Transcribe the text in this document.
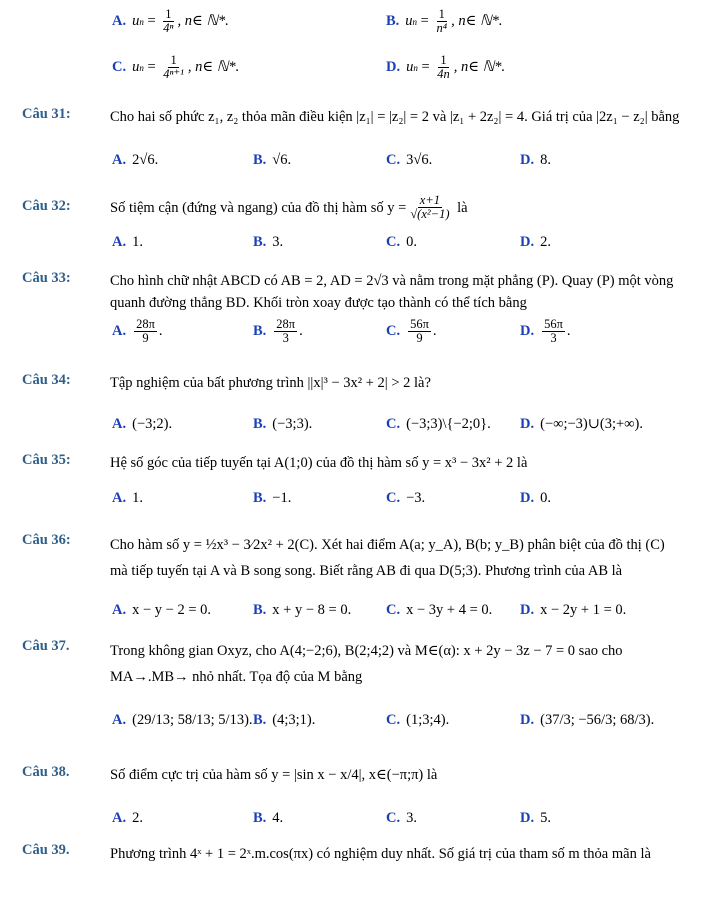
A. u $n = \frac{1}{\text{4ⁿ}}$ , n∈ ℕ*.	B. u $n = \frac{1}{\text{n⁴}}$ , n∈ ℕ*.
C. u $n = \frac{1}{\text{4ⁿ⁺¹}}$ , n∈ ℕ*.	D. u $n = \frac{1}{4n}$ , n∈ ℕ*.
Câu 31:	Cho hai số phức z₁, z₂ thỏa mãn điều kiện |z₁| = |z₂| = 2 và |z₁ + 2z₂| = 4. Giá trị của |2z₁ − z₂| bằng
A. 2√6.	B. √6.	C. 3√6.	D. 8.
Câu 32:	Số tiệm cận (đứng và ngang) của đồ thị hàm số $y = \frac{x+1}{\text{√(x²−1)}}$
là
A. 1.	B. 3.	C. 0.	D. 2.
Câu 33:	Cho hình chữ nhật ABCD có AB = 2, AD = 2√3 và nằm trong mặt phẳng (P). Quay (P) một vòng quanh đường thẳng BD. Khối tròn xoay được tạo thành có thể tích bằng
A. $\frac{28\pi}{9}$ .	B. $\frac{28\pi}{3}$ .	C. $\frac{56\pi}{9}$ .	D. $\frac{56\pi}{3}$ .
Câu 34:	Tập nghiệm của bất phương trình ||x|³ − 3x² + 2| > 2 là?
A. (−3;2).	B. (−3;3).	C. (−3;3)\{−2;0}. D. (−∞;−3)∪(3;+∞).
Câu 35:	Hệ số góc của tiếp tuyến tại A(1;0) của đồ thị hàm số y = x³ − 3x² + 2 là
A. 1.	B. −1.	C. −3.	D. 0.
Câu 36:	Cho hàm số y = ½x³ − 3⁄2x² + 2(C). Xét hai điểm A(a; y_A), B(b; y_B) phân biệt của đồ thị (C) mà tiếp tuyến tại A và B song song. Biết rằng AB đi qua D(5;3). Phương trình của AB là
A. x − y − 2 = 0.	B. x + y − 8 = 0. C. x − 3y + 4 = 0. D. x − 2y + 1 = 0.
Câu 37.	Trong không gian Oxyz, cho A(4;−2;6), B(2;4;2) và M∈(α): x + 2y − 3z − 7 = 0 sao cho MA→.MB→ nhỏ nhất. Tọa độ của M bằng
A. (29/13; 58/13; 5/13). B. (4;3;1).	C. (1;3;4).	D. (37/3; −56/3; 68/3).
Câu 38.	Số điểm cực trị của hàm số y = |sin x − x/4|, x∈(−π;π) là
A. 2.	B. 4.	C. 3.	D. 5.
Câu 39.	Phương trình 4ˣ + 1 = 2ˣ.m.cos(πx) có nghiệm duy nhất. Số giá trị của tham số m thỏa mãn là
